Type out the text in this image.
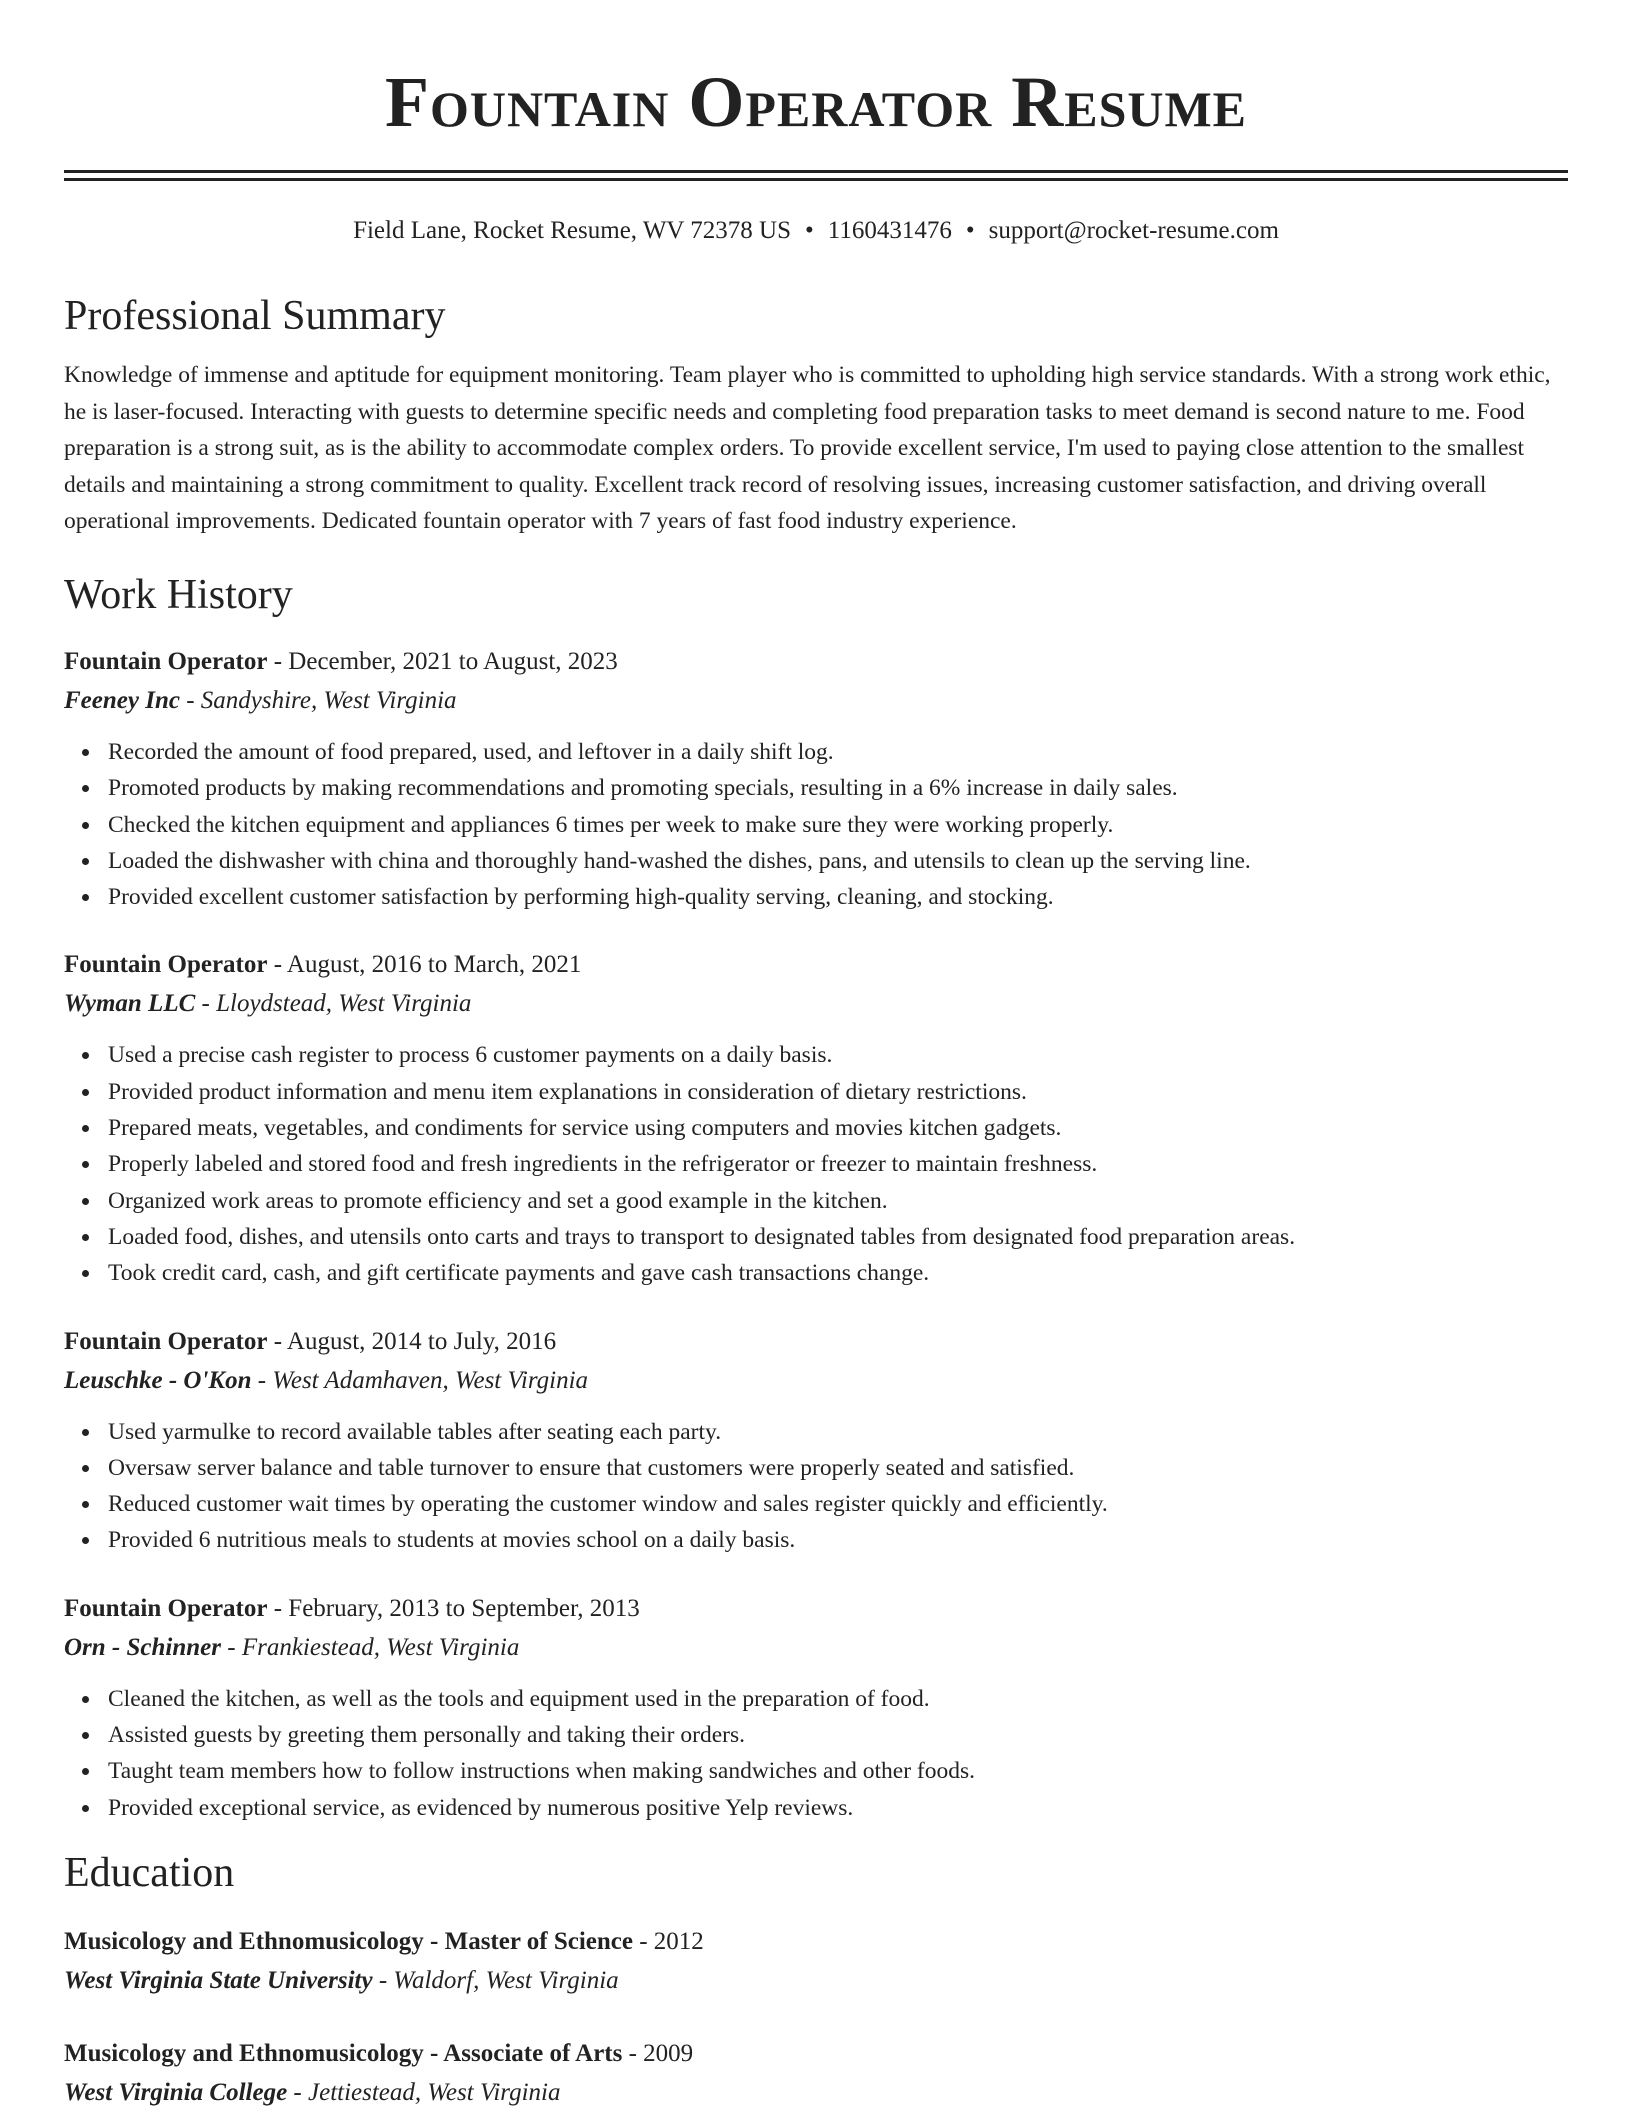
Fountain Operator Resume
Field Lane, Rocket Resume, WV 72378 US • 1160431476 • support@rocket-resume.com
Professional Summary

Knowledge of immense and aptitude for equipment monitoring. Team player who is committed to upholding high service standards. With a strong work ethic, he is laser-focused. Interacting with guests to determine specific needs and completing food preparation tasks to meet demand is second nature to me. Food preparation is a strong suit, as is the ability to accommodate complex orders. To provide excellent service, I'm used to paying close attention to the smallest details and maintaining a strong commitment to quality. Excellent track record of resolving issues, increasing customer satisfaction, and driving overall operational improvements. Dedicated fountain operator with 7 years of fast food industry experience.

Work History
Fountain Operator - December, 2021 to August, 2023
Feeney Inc - Sandyshire, West Virginia
Recorded the amount of food prepared, used, and leftover in a daily shift log.
Promoted products by making recommendations and promoting specials, resulting in a 6% increase in daily sales.
Checked the kitchen equipment and appliances 6 times per week to make sure they were working properly.
Loaded the dishwasher with china and thoroughly hand-washed the dishes, pans, and utensils to clean up the serving line.
Provided excellent customer satisfaction by performing high-quality serving, cleaning, and stocking.
Fountain Operator - August, 2016 to March, 2021
Wyman LLC - Lloydstead, West Virginia
Used a precise cash register to process 6 customer payments on a daily basis.
Provided product information and menu item explanations in consideration of dietary restrictions.
Prepared meats, vegetables, and condiments for service using computers and movies kitchen gadgets.
Properly labeled and stored food and fresh ingredients in the refrigerator or freezer to maintain freshness.
Organized work areas to promote efficiency and set a good example in the kitchen.
Loaded food, dishes, and utensils onto carts and trays to transport to designated tables from designated food preparation areas.
Took credit card, cash, and gift certificate payments and gave cash transactions change.
Fountain Operator - August, 2014 to July, 2016
Leuschke - O'Kon - West Adamhaven, West Virginia
Used yarmulke to record available tables after seating each party.
Oversaw server balance and table turnover to ensure that customers were properly seated and satisfied.
Reduced customer wait times by operating the customer window and sales register quickly and efficiently.
Provided 6 nutritious meals to students at movies school on a daily basis.
Fountain Operator - February, 2013 to September, 2013
Orn - Schinner - Frankiestead, West Virginia
Cleaned the kitchen, as well as the tools and equipment used in the preparation of food.
Assisted guests by greeting them personally and taking their orders.
Taught team members how to follow instructions when making sandwiches and other foods.
Provided exceptional service, as evidenced by numerous positive Yelp reviews.
Education
Musicology and Ethnomusicology - Master of Science - 2012
West Virginia State University - Waldorf, West Virginia
Musicology and Ethnomusicology - Associate of Arts - 2009
West Virginia College - Jettiestead, West Virginia
